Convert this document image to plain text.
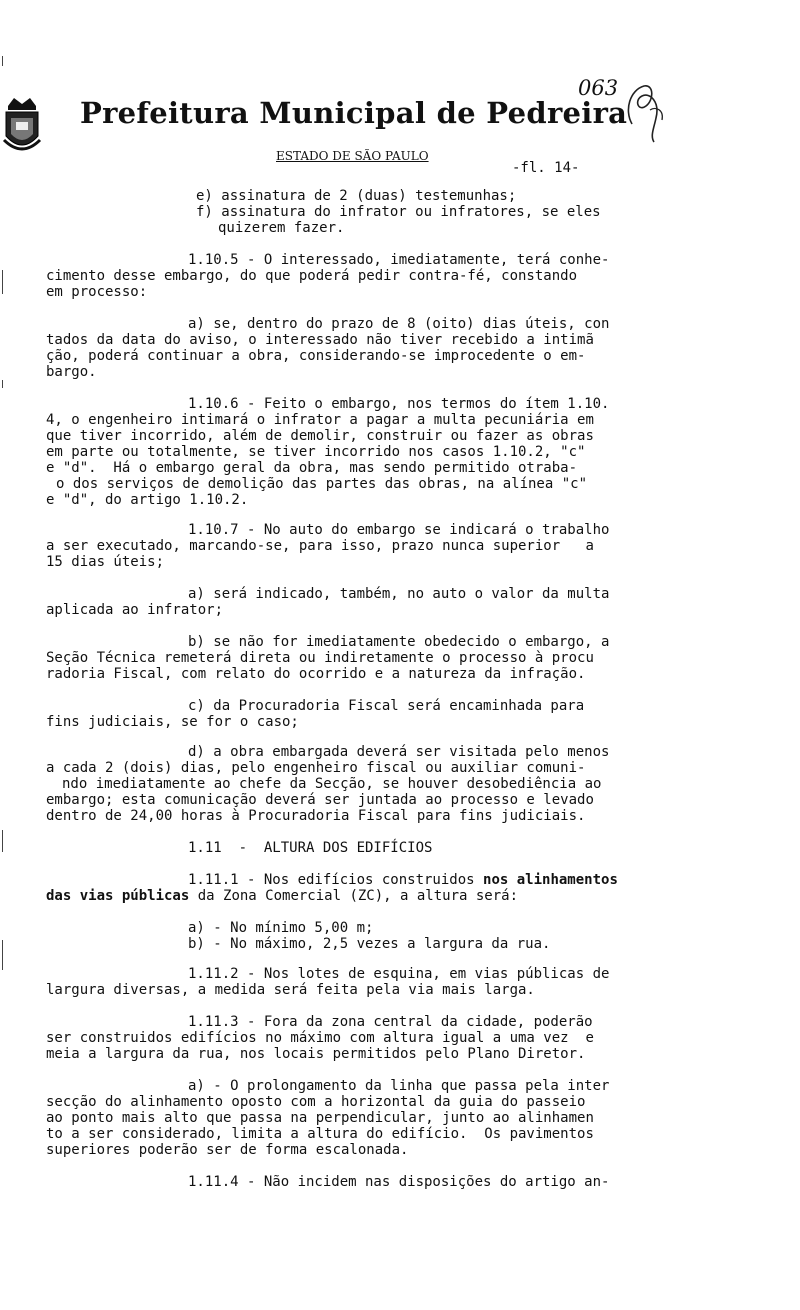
Prefeitura Municipal de Pedreira
063
ESTADO DE SÃO PAULO
-fl. 14-

e) assinatura de 2 (duas) testemunhas;

f) assinatura do infrator ou infratores, se eles

quizerem fazer.

1.10.5 - O interessado, imediatamente, terá conhe-

cimento desse embargo, do que poderá pedir contra-fé, constando

em processo:

a) se, dentro do prazo de 8 (oito) dias úteis, con

tados da data do aviso, o interessado não tiver recebido a intimã

ção, poderá continuar a obra, considerando-se improcedente o em-

bargo.

1.10.6 - Feito o embargo, nos termos do ítem 1.10.

4, o engenheiro intimará o infrator a pagar a multa pecuniária em

que tiver incorrido, além de demolir, construir ou fazer as obras

em parte ou totalmente, se tiver incorrido nos casos 1.10.2, "c"

e "d".  Há o embargo geral da obra, mas sendo permitido otraba-

o dos serviços de demolição das partes das obras, na alínea "c"

e "d", do artigo 1.10.2.

1.10.7 - No auto do embargo se indicará o trabalho

a ser executado, marcando-se, para isso, prazo nunca superior   a

15 dias úteis;

a) será indicado, também, no auto o valor da multa

aplicada ao infrator;

b) se não for imediatamente obedecido o embargo, a

Seção Técnica remeterá direta ou indiretamente o processo à procu

radoria Fiscal, com relato do ocorrido e a natureza da infração.

c) da Procuradoria Fiscal será encaminhada para

fins judiciais, se for o caso;

d) a obra embargada deverá ser visitada pelo menos

a cada 2 (dois) dias, pelo engenheiro fiscal ou auxiliar comuni-

ndo imediatamente ao chefe da Secção, se houver desobediência ao

embargo; esta comunicação deverá ser juntada ao processo e levado

dentro de 24,00 horas à Procuradoria Fiscal para fins judiciais.

1.11  -  ALTURA DOS EDIFÍCIOS

1.11.1 - Nos edifícios construidos nos alinhamentos

das vias públicas da Zona Comercial (ZC), a altura será:

a) - No mínimo 5,00 m;

b) - No máximo, 2,5 vezes a largura da rua.

1.11.2 - Nos lotes de esquina, em vias públicas de

largura diversas, a medida será feita pela via mais larga.

1.11.3 - Fora da zona central da cidade, poderão

ser construidos edifícios no máximo com altura igual a uma vez  e

meia a largura da rua, nos locais permitidos pelo Plano Diretor.

a) - O prolongamento da linha que passa pela inter

secção do alinhamento oposto com a horizontal da guia do passeio

ao ponto mais alto que passa na perpendicular, junto ao alinhamen

to a ser considerado, limita a altura do edifício.  Os pavimentos

superiores poderão ser de forma escalonada.

1.11.4 - Não incidem nas disposições do artigo an-
